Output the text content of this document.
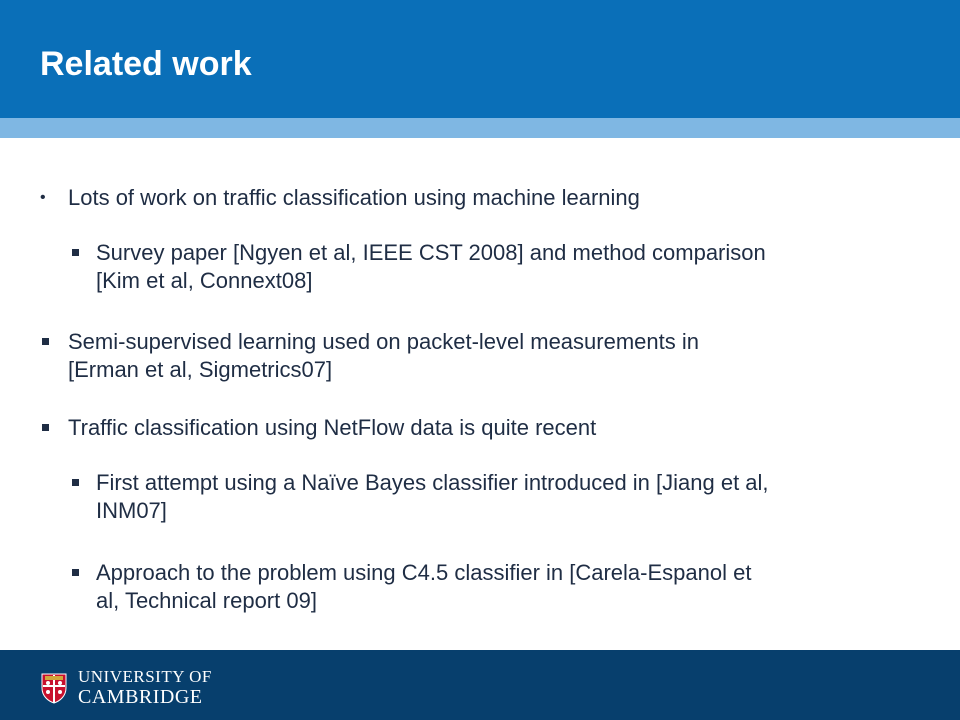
Related work
•	Lots of work on traffic classification using machine learning
Survey paper [Ngyen et al, IEEE CST 2008] and method comparison
[Kim et al, Connext08]
Semi-supervised learning used on packet-level measurements in
[Erman et al, Sigmetrics07]
Traffic classification using NetFlow data is quite recent
First attempt using a Naïve Bayes classifier introduced in [Jiang et al,
INM07]
Approach to the problem using C4.5 classifier in [Carela-Espanol et
al, Technical report 09]
UNIVERSITY OF
CAMBRIDGE
